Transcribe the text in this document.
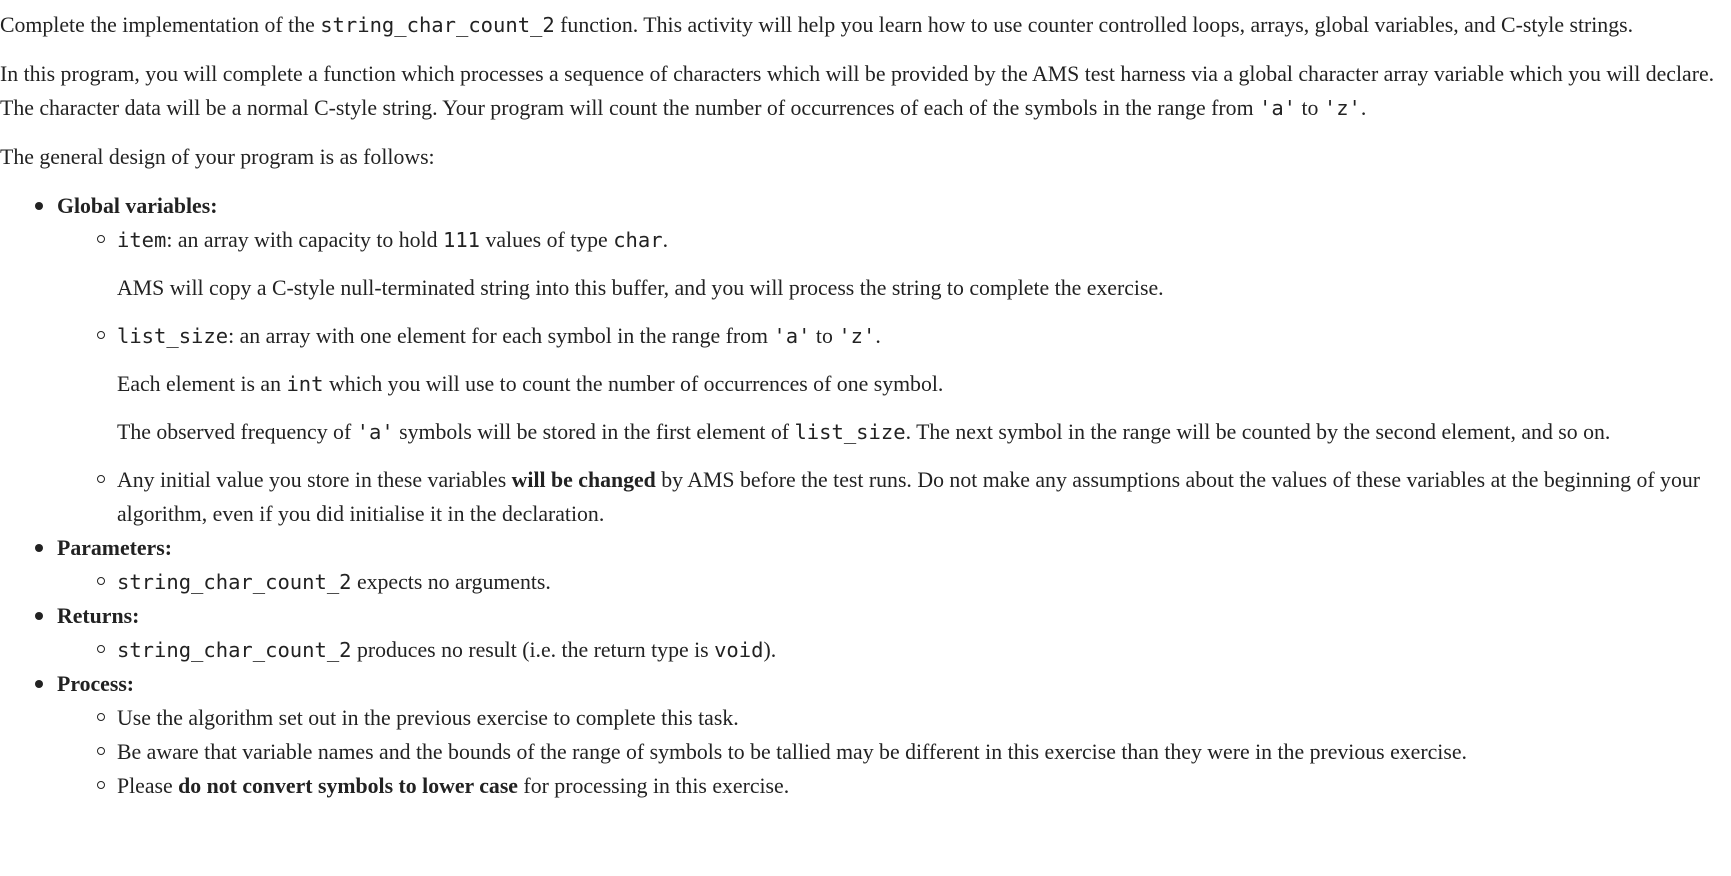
Complete the implementation of the string_char_count_2 function. This activity will help you learn how to use counter controlled loops, arrays, global variables, and C-style strings.

In this program, you will complete a function which processes a sequence of characters which will be provided by the AMS test harness via a global character array variable which you will declare. The character data will be a normal C-style string. Your program will count the number of occurrences of each of the symbols in the range from 'a' to 'z'.

The general design of your program is as follows:

Global variables:
item: an array with capacity to hold 111 values of type char.

AMS will copy a C-style null-terminated string into this buffer, and you will process the string to complete the exercise.

list_size: an array with one element for each symbol in the range from 'a' to 'z'.

Each element is an int which you will use to count the number of occurrences of one symbol.

The observed frequency of 'a' symbols will be stored in the first element of list_size. The next symbol in the range will be counted by the second element, and so on.

Any initial value you store in these variables will be changed by AMS before the test runs. Do not make any assumptions about the values of these variables at the beginning of your algorithm, even if you did initialise it in the declaration.
Parameters:
string_char_count_2 expects no arguments.
Returns:
string_char_count_2 produces no result (i.e. the return type is void).
Process:
Use the algorithm set out in the previous exercise to complete this task.
Be aware that variable names and the bounds of the range of symbols to be tallied may be different in this exercise than they were in the previous exercise.
Please do not convert symbols to lower case for processing in this exercise.
